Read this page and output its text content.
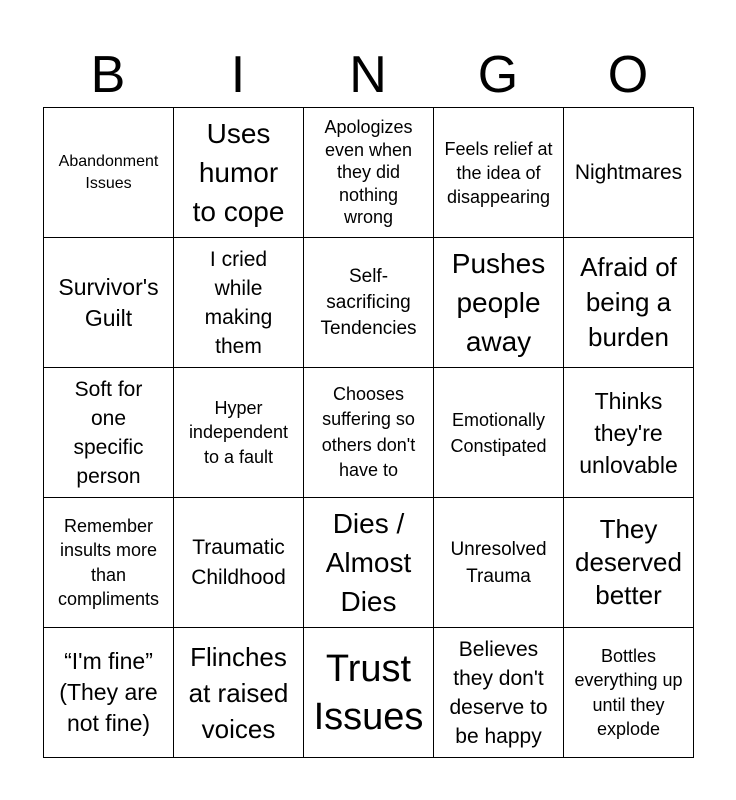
B	I	N	G	O
Abandonment Issues
Uses humor to cope
Apologizes even when they did nothing wrong
Feels relief at the idea of disappearing
Nightmares
Survivor's Guilt
I cried while making them
Self-sacrificing Tendencies
Pushes people away
Afraid of being a burden
Soft for one specific person
Hyper independent to a fault
Chooses suffering so others don't have to
Emotionally Constipated
Thinks they're unlovable
Remember insults more than compliments
Traumatic Childhood
Dies / Almost Dies
Unresolved Trauma
They deserved better
“I'm fine” (They are not fine)
Flinches at raised voices
Trust Issues
Believes they don't deserve to be happy
Bottles everything up until they explode
